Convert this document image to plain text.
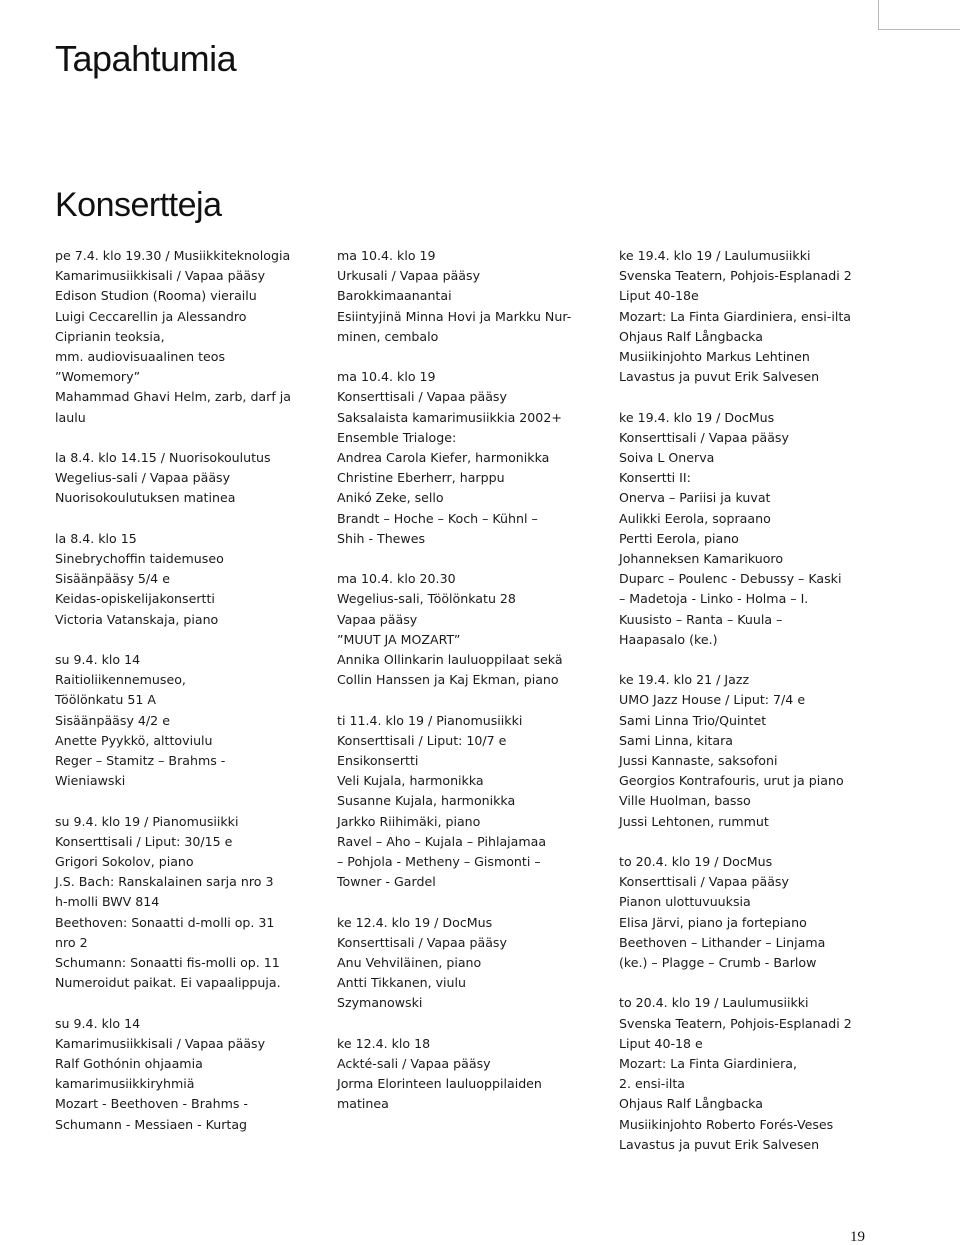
Tapahtumia
Konsertteja
pe 7.4. klo 19.30 / Musiikkiteknologia
Kamarimusiikkisali / Vapaa pääsy
Edison Studion (Rooma) vierailu
Luigi Ceccarellin ja Alessandro
Ciprianin teoksia,
mm. audiovisuaalinen teos
”Womemory”
Mahammad Ghavi Helm, zarb, darf ja
laulu
la 8.4. klo 14.15 / Nuorisokoulutus
Wegelius-sali / Vapaa pääsy
Nuorisokoulutuksen matinea
la 8.4. klo 15
Sinebrychoffin taidemuseo
Sisäänpääsy 5/4 e
Keidas-opiskelijakonsertti
Victoria Vatanskaja, piano
su 9.4. klo 14
Raitioliikennemuseo,
Töölönkatu 51 A
Sisäänpääsy 4/2 e
Anette Pyykkö, alttoviulu
Reger – Stamitz – Brahms -
Wieniawski
su 9.4. klo 19 / Pianomusiikki
Konserttisali / Liput: 30/15 e
Grigori Sokolov, piano
J.S. Bach: Ranskalainen sarja nro 3
h-molli BWV 814
Beethoven: Sonaatti d-molli op. 31
nro 2
Schumann: Sonaatti fis-molli op. 11
Numeroidut paikat. Ei vapaalippuja.
su 9.4. klo 14
Kamarimusiikkisali / Vapaa pääsy
Ralf Gothónin ohjaamia
kamarimusiikkiryhmiä
Mozart - Beethoven - Brahms -
Schumann - Messiaen - Kurtag
ma 10.4. klo 19
Urkusali / Vapaa pääsy
Barokkimaanantai
Esiintyjinä Minna Hovi ja Markku Nur-
minen, cembalo
ma 10.4. klo 19
Konserttisali / Vapaa pääsy
Saksalaista kamarimusiikkia 2002+
Ensemble Trialoge:
Andrea Carola Kiefer, harmonikka
Christine Eberherr, harppu
Anikó Zeke, sello
Brandt – Hoche – Koch – Kühnl –
Shih - Thewes
ma 10.4. klo 20.30
Wegelius-sali, Töölönkatu 28
Vapaa pääsy
”MUUT JA MOZART”
Annika Ollinkarin lauluoppilaat sekä
Collin Hanssen ja Kaj Ekman, piano
ti 11.4. klo 19 / Pianomusiikki
Konserttisali / Liput: 10/7 e
Ensikonsertti
Veli Kujala, harmonikka
Susanne Kujala, harmonikka
Jarkko Riihimäki, piano
Ravel – Aho – Kujala – Pihlajamaa
– Pohjola - Metheny – Gismonti –
Towner - Gardel
ke 12.4. klo 19 / DocMus
Konserttisali / Vapaa pääsy
Anu Vehviläinen, piano
Antti Tikkanen, viulu
Szymanowski
ke 12.4. klo 18
Ackté-sali / Vapaa pääsy
Jorma Elorinteen lauluoppilaiden
matinea
ke 19.4. klo 19 / Laulumusiikki
Svenska Teatern, Pohjois-Esplanadi 2
Liput 40-18e
Mozart: La Finta Giardiniera, ensi-ilta
Ohjaus Ralf Långbacka
Musiikinjohto Markus Lehtinen
Lavastus ja puvut Erik Salvesen
ke 19.4. klo 19 / DocMus
Konserttisali / Vapaa pääsy
Soiva L Onerva
Konsertti II:
Onerva – Pariisi ja kuvat
Aulikki Eerola, sopraano
Pertti Eerola, piano
Johanneksen Kamarikuoro
Duparc – Poulenc - Debussy – Kaski
– Madetoja - Linko - Holma – I.
Kuusisto – Ranta – Kuula –
Haapasalo (ke.)
ke 19.4. klo 21 / Jazz
UMO Jazz House / Liput: 7/4 e
Sami Linna Trio/Quintet
Sami Linna, kitara
Jussi Kannaste, saksofoni
Georgios Kontrafouris, urut ja piano
Ville Huolman, basso
Jussi Lehtonen, rummut
to 20.4. klo 19 / DocMus
Konserttisali / Vapaa pääsy
Pianon ulottuvuuksia
Elisa Järvi, piano ja fortepiano
Beethoven – Lithander – Linjama
(ke.) – Plagge – Crumb - Barlow
to 20.4. klo 19 / Laulumusiikki
Svenska Teatern, Pohjois-Esplanadi 2
Liput 40-18 e
Mozart: La Finta Giardiniera,
2. ensi-ilta
Ohjaus Ralf Långbacka
Musiikinjohto Roberto Forés-Veses
Lavastus ja puvut Erik Salvesen
19
